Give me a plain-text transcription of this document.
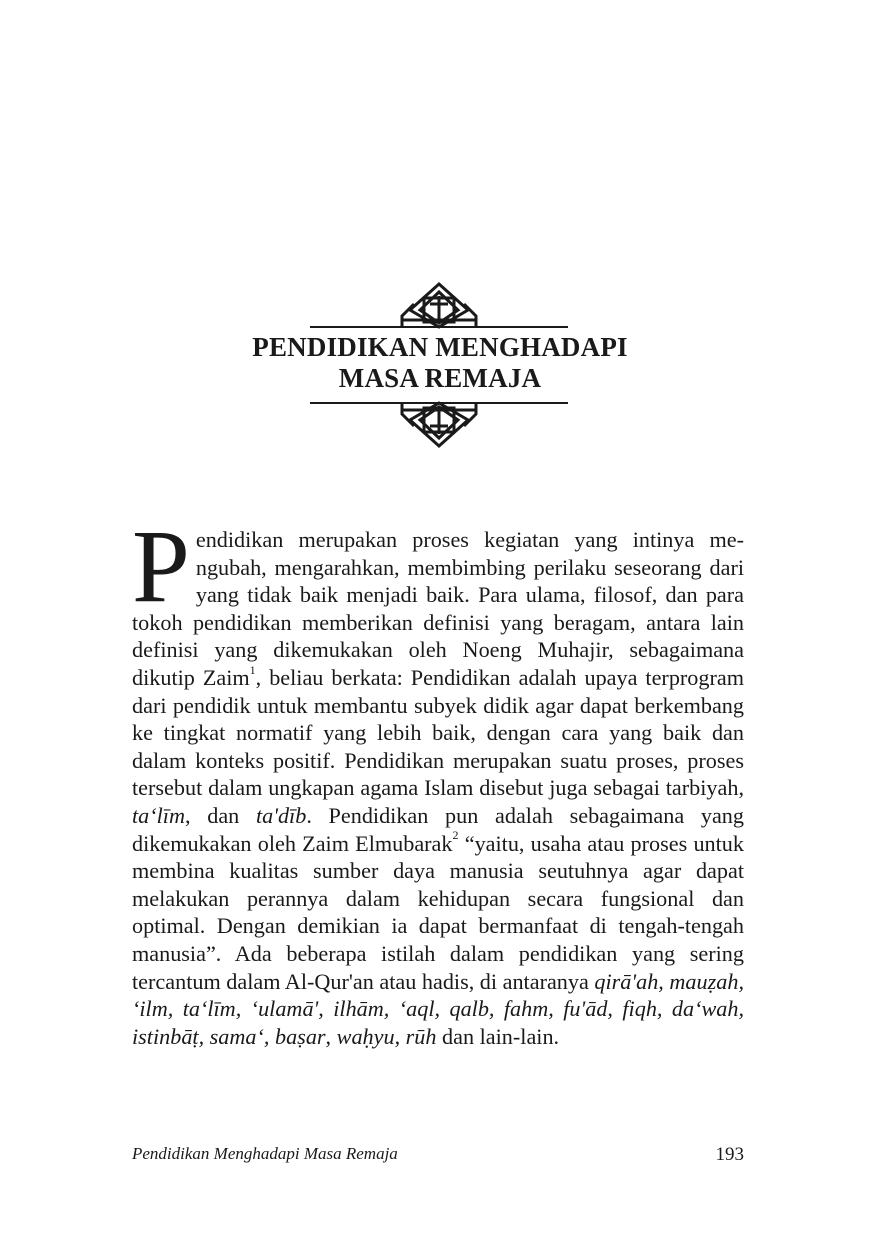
PENDIDIKAN MENGHADAPI
MASA REMAJA

Pendidikan merupakan proses kegiatan yang intinya mengubah, mengarahkan, membimbing perilaku seseorang dari yang tidak baik menjadi baik. Para ulama, filosof, dan para tokoh pendidikan memberikan definisi yang beragam, antara lain definisi yang dikemukakan oleh Noeng Muhajir, sebagaimana dikutip Zaim$^1$, beliau berkata: Pendidikan adalah upaya terprogram dari pendidik untuk membantu subyek didik agar dapat berkembang ke tingkat normatif yang lebih baik, dengan cara yang baik dan dalam konteks positif. Pendidikan merupakan suatu proses, proses tersebut dalam ungkapan agama Islam disebut juga sebagai tarbiyah, ta‘līm, dan ta'dīb. Pendidikan pun adalah sebagaimana yang dikemukakan oleh Zaim Elmubarak$^2$ “yaitu, usaha atau proses untuk membina kualitas sumber daya manusia seutuhnya agar dapat melakukan perannya dalam kehidupan secara fungsional dan optimal. Dengan demikian ia dapat bermanfaat di tengah-tengah manusia”. Ada beberapa istilah dalam pendidikan yang sering tercantum dalam Al-Qur'an atau hadis, di antaranya qirā'ah, mauẓah, ‘ilm, ta‘līm, ‘ulamā', ilhām, ‘aql, qalb, fahm, fu'ād, fiqh, da‘wah, istinbāṭ, sama‘, baṣar, waḥyu, rūh dan lain-lain.

Pendidikan Menghadapi Masa Remaja	193
